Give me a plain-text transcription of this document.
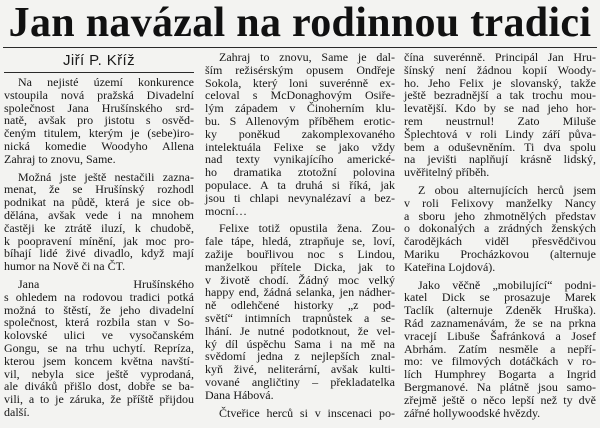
Jan navázal na rodinnou tradici
Jiří P. Kříž
Na nejisté území konkurence
vstoupila nová pražská Divadelní
společnost Jana Hrušínského srd-
natě, avšak pro jistotu s osvěd-
čeným titulem, kterým je (sebe)iro-
nická komedie Woodyho Allena
Zahraj to znovu, Same.
Možná jste ještě nestačili zazna-
menat, že se Hrušínský rozhodl
podnikat na půdě, která je sice ob-
dělána, avšak vede i na mnohem
častěji ke ztrátě iluzí, k chudobě,
k poopravení mínění, jak moc pro-
bíhají lidé živé divadlo, když mají
humor na Nově či na ČT.
Jana Hrušínského
s ohledem na rodovou tradici potká
možná to štěstí, že jeho divadelní
společnost, která rozbila stan v So-
kolovské ulici ve vysočanském
Gongu, se na trhu uchytí. Repríza,
kterou jsem koncem května navští-
vil, nebyla sice ještě vyprodaná,
ale diváků přišlo dost, dobře se ba-
vili, a to je záruka, že příště přijdou
další.
Zahraj to znovu, Same je dal-
ším režisérským opusem Ondřeje
Sokola, který loni suverénně ex-
celoval s McDonaghovým Osiře-
lým západem v Činoherním klu-
bu. S Allenovým příběhem erotic-
ky poněkud zakomplexovaného
intelektuála Felixe se jako vždy
nad texty vynikajícího americké-
ho dramatika ztotožní polovina
populace. A ta druhá si říká, jak
jsou ti chlapi nevynalézaví a bez-
mocní…
Felixe totiž opustila žena. Zou-
fale tápe, hledá, ztrapňuje se, loví,
zažije bouřlivou noc s Lindou,
manželkou přítele Dicka, jak to
v životě chodí. Žádný moc velký
happy end, žádná selanka, jen nádher-
ně odlehčené historky „z pod-
světí“ intimních trapnůstek a se-
lhání. Je nutné podotknout, že vel-
ký díl úspěchu Sama i na mě na
svědomí jedna z nejlepších znal-
kyň živé, neliterární, avšak kulti-
vované angličtiny – překladatelka
Dana Hábová.
Čtveřice herců si v inscenaci po-
čína suverénně. Principál Jan Hru-
šínský není žádnou kopií Woody-
ho. Jeho Felix je slovanský, takže
ještě bezradnější a tak trochu mou-
levatější. Kdo by se nad jeho hor-
rem neustrnul! Zato Miluše
Šplechtová v roli Lindy září půva-
bem a oduševněním. Ti dva spolu
na jevišti naplňují krásně lidský,
uvěřitelný příběh.
Z obou alternujících herců jsem
v roli Felixovy manželky Nancy
a sboru jeho zhmotnělých představ
o dokonalých a zrádných ženských
čarodějkách viděl přesvědčivou
Mariku Procházkovou (alternuje
Kateřina Lojdová).
Jako věčně „mobilující“ podni-
katel Dick se prosazuje Marek
Taclík (alternuje Zdeněk Hruška).
Rád zaznamenávám, že se na prkna
vracejí Libuše Šafránková a Josef
Abrhám. Zatím nesměle a nepří-
mo: ve filmových dotáčkách v ro-
lích Humphrey Bogarta a Ingrid
Bergmanové. Na plátně jsou samo-
zřejmě ještě o něco lepší než ty dvě
zářné hollywoodské hvězdy.
